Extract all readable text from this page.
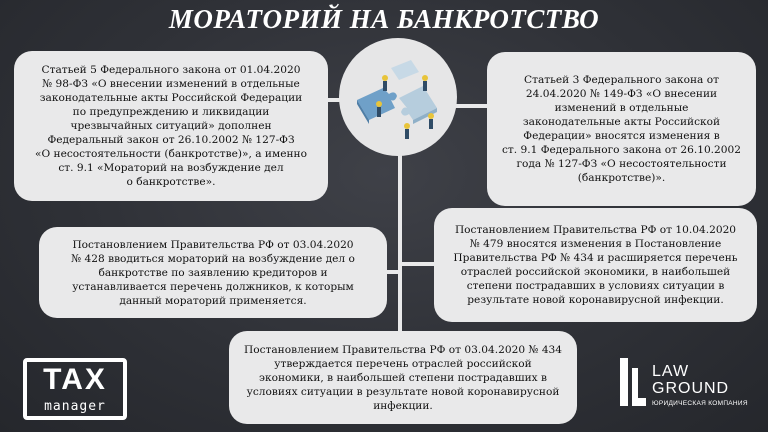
МОРАТОРИЙ НА БАНКРОТСТВО
Статьей 5 Федерального закона от 01.04.2020
№ 98-ФЗ «О внесении изменений в отдельные
законодательные акты Российской Федерации
по предупреждению и ликвидации
чрезвычайных ситуаций» дополнен
Федеральный закон от 26.10.2002 № 127-ФЗ
«О несостоятельности (банкротстве)», а именно
ст. 9.1 «Мораторий на возбуждение дел
о банкротстве».
Статьей 3 Федерального закона от
24.04.2020 № 149-ФЗ «О внесении
изменений в отдельные
законодательные акты Российской
Федерации» вносятся изменения в
ст. 9.1 Федерального закона от 26.10.2002
года № 127-ФЗ «О несостоятельности
(банкротстве)».
Постановлением Правительства РФ от 03.04.2020
№ 428 вводиться мораторий на возбуждение дел о
банкротстве по заявлению кредиторов и
устанавливается перечень должников, к которым
данный мораторий применяется.
Постановлением Правительства РФ от 10.04.2020
№ 479 вносятся изменения в Постановление
Правительства РФ № 434 и расширяется перечень
отраслей российской экономики, в наибольшей
степени пострадавших в условиях ситуации в
результате новой коронавирусной инфекции.
Постановлением Правительства РФ от 03.04.2020 № 434
утверждается перечень отраслей российской
экономики, в наибольшей степени пострадавших в
условиях ситуации в результате новой коронавирусной
инфекции.
TAX
manager
LAW
GROUND
ЮРИДИЧЕСКАЯ КОМПАНИЯ
